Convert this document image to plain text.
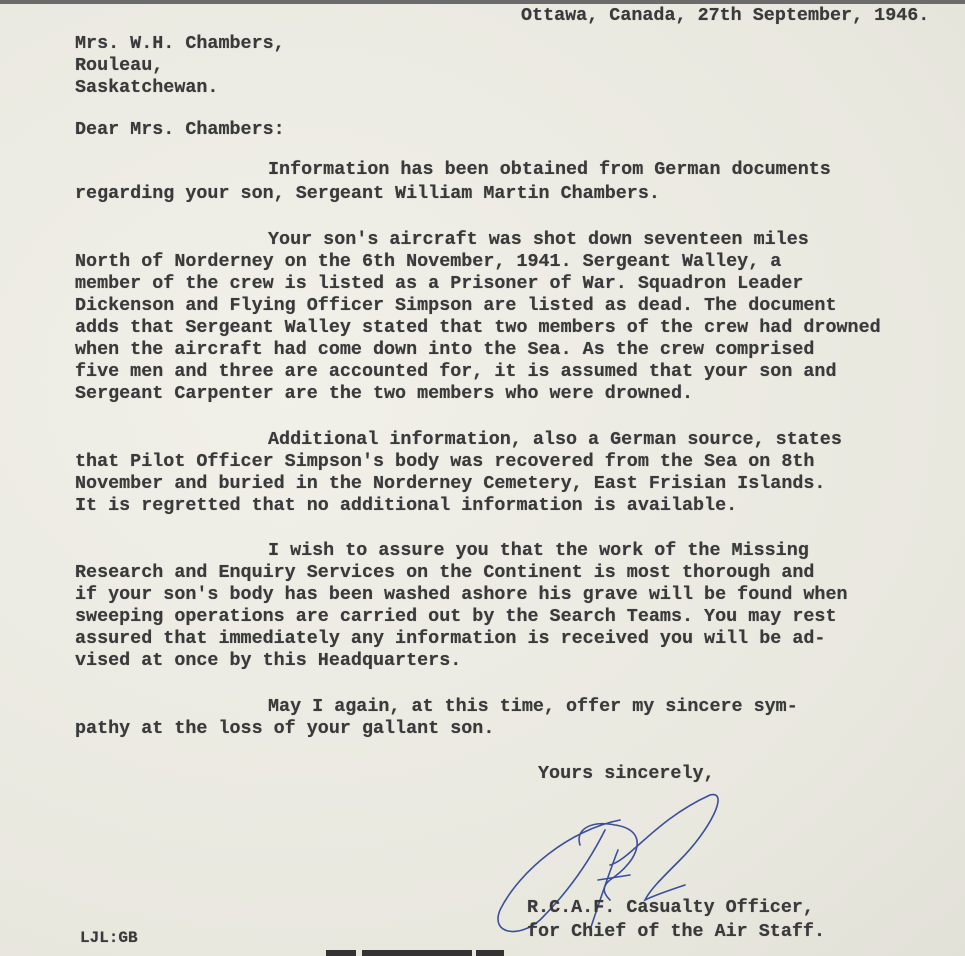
Ottawa, Canada, 27th September, 1946.
Mrs. W.H. Chambers,
Rouleau,
Saskatchewan.
Dear Mrs. Chambers:
Information has been obtained from German documents
regarding your son, Sergeant William Martin Chambers.
Your son's aircraft was shot down seventeen miles
North of Norderney on the 6th November, 1941. Sergeant Walley, a
member of the crew is listed as a Prisoner of War. Squadron Leader
Dickenson and Flying Officer Simpson are listed as dead. The document
adds that Sergeant Walley stated that two members of the crew had drowned
when the aircraft had come down into the Sea. As the crew comprised
five men and three are accounted for, it is assumed that your son and
Sergeant Carpenter are the two members who were drowned.
Additional information, also a German source, states
that Pilot Officer Simpson's body was recovered from the Sea on 8th
November and buried in the Norderney Cemetery, East Frisian Islands.
It is regretted that no additional information is available.
I wish to assure you that the work of the Missing
Research and Enquiry Services on the Continent is most thorough and
if your son's body has been washed ashore his grave will be found when
sweeping operations are carried out by the Search Teams. You may rest
assured that immediately any information is received you will be ad-
vised at once by this Headquarters.
May I again, at this time, offer my sincere sym-
pathy at the loss of your gallant son.
Yours sincerely,
R.C.A.F. Casualty Officer,
for Chief of the Air Staff.
LJL:GB
